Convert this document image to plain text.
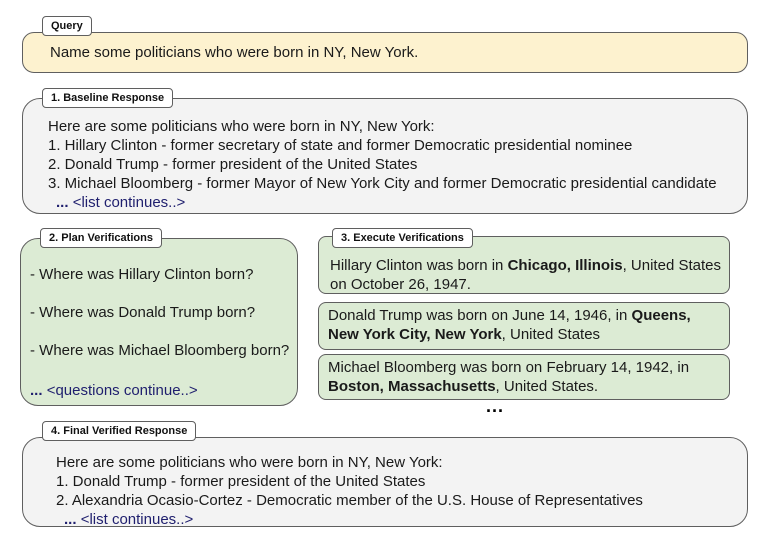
Query
Name some politicians who were born in NY, New York.
1. Baseline Response
Here are some politicians who were born in NY, New York:
1. Hillary Clinton - former secretary of state and former Democratic presidential nominee
2. Donald Trump - former president of the United States
3. Michael Bloomberg - former Mayor of New York City and former Democratic presidential candidate
... <list continues..>
2. Plan Verifications
- Where was Hillary Clinton born?
- Where was Donald Trump born?
- Where was Michael Bloomberg born?
... <questions continue..>
3. Execute Verifications
Hillary Clinton was born in Chicago, Illinois, United States on October 26, 1947.
Donald Trump was born on June 14, 1946, in Queens, New York City, New York, United States
Michael Bloomberg was born on February 14, 1942, in Boston, Massachusetts, United States.
...
4. Final Verified Response
Here are some politicians who were born in NY, New York:
1. Donald Trump - former president of the United States
2. Alexandria Ocasio-Cortez - Democratic member of the U.S. House of Representatives
... <list continues..>
